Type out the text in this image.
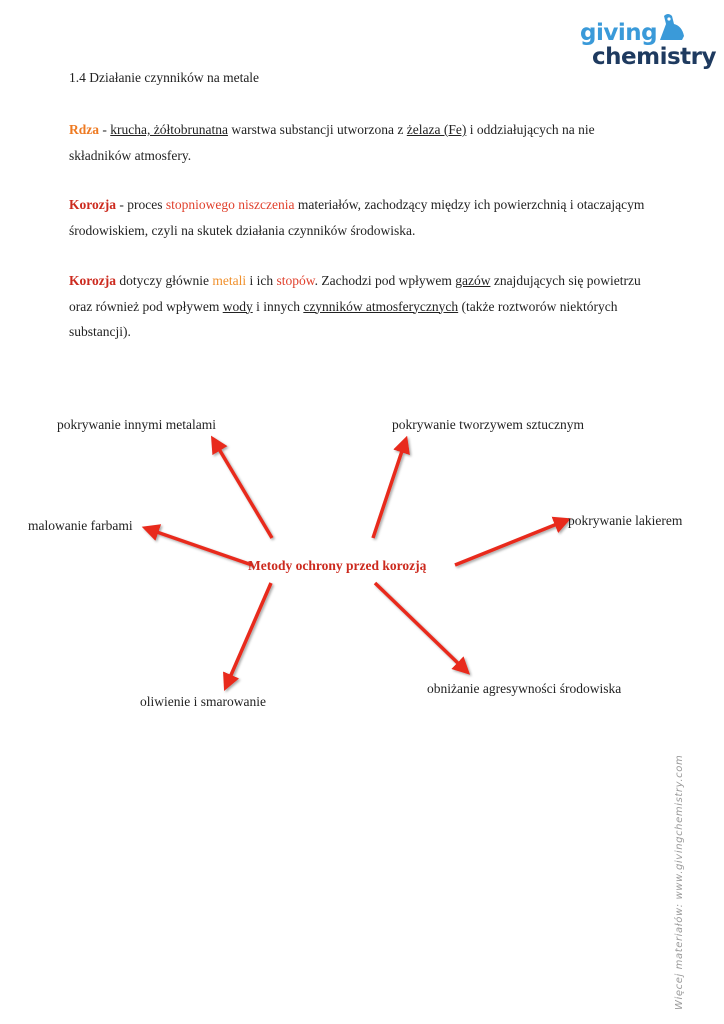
giving
chemistry
1.4 Działanie czynników na metale
Rdza - krucha, żółtobrunatna warstwa substancji utworzona z żelaza (Fe) i oddziałujących na nie składników atmosfery.
Korozja - proces stopniowego niszczenia materiałów, zachodzący między ich powierzchnią i otaczającym środowiskiem, czyli na skutek działania czynników środowiska.
Korozja dotyczy głównie metali i ich stopów. Zachodzi pod wpływem gazów znajdujących się powietrzu oraz również pod wpływem wody i innych czynników atmosferycznych (także roztworów niektórych substancji).
Metody ochrony przed korozją
pokrywanie innymi metalami	pokrywanie tworzywem sztucznym
malowanie farbami	pokrywanie lakierem
oliwienie i smarowanie
obniżanie agresywności środowiska
Więcej materiałów: www.givingchemistry.com
